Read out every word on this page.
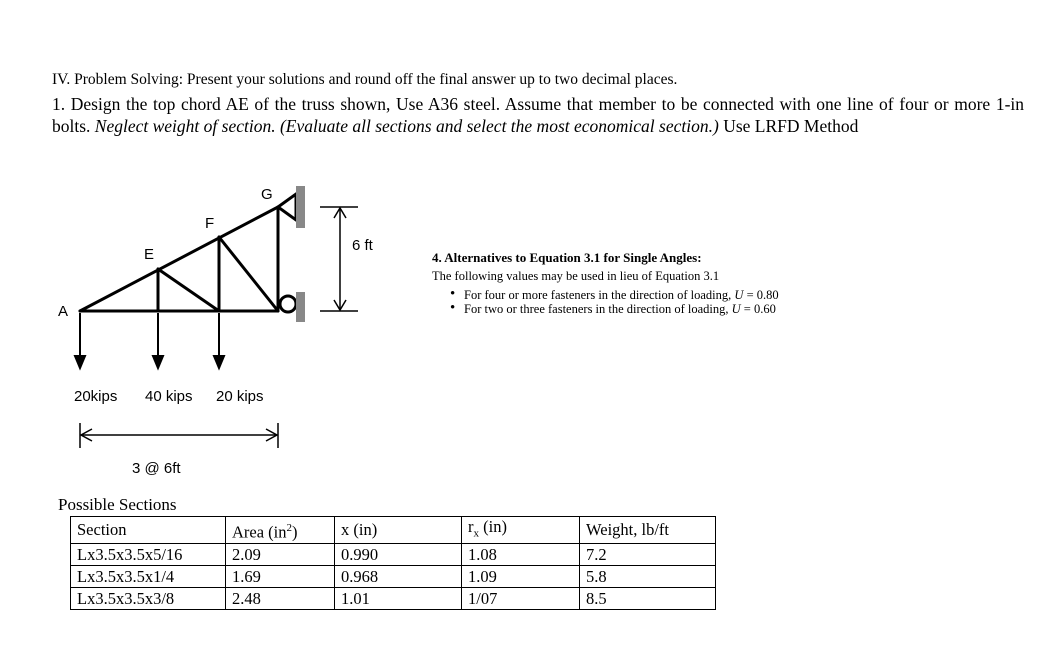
IV. Problem Solving: Present your solutions and round off the final answer up to two decimal places.
1. Design the top chord AE of the truss shown, Use A36 steel. Assume that member to be connected with one line of four or more 1-in bolts. Neglect weight of section. (Evaluate all sections and select the most economical section.) Use LRFD Method
A
E
F
G
6 ft
20kips 40 kips 20 kips
3 @ 6ft

4. Alternatives to Equation 3.1 for Single Angles:

The following values may be used in lieu of Equation 3.1

• For four or more fasteners in the direction of loading, U = 0.80
• For two or three fasteners in the direction of loading, U = 0.60
Possible Sections
Section	Area $(in^2)$	x (in)	$r_x$ (in)	Weight, lb/ft
Lx3.5x3.5x5/16	2.09	0.990	1.08	7.2
Lx3.5x3.5x1/4	1.69	0.968	1.09	5.8
Lx3.5x3.5x3/8	2.48	1.01	1/07	8.5
